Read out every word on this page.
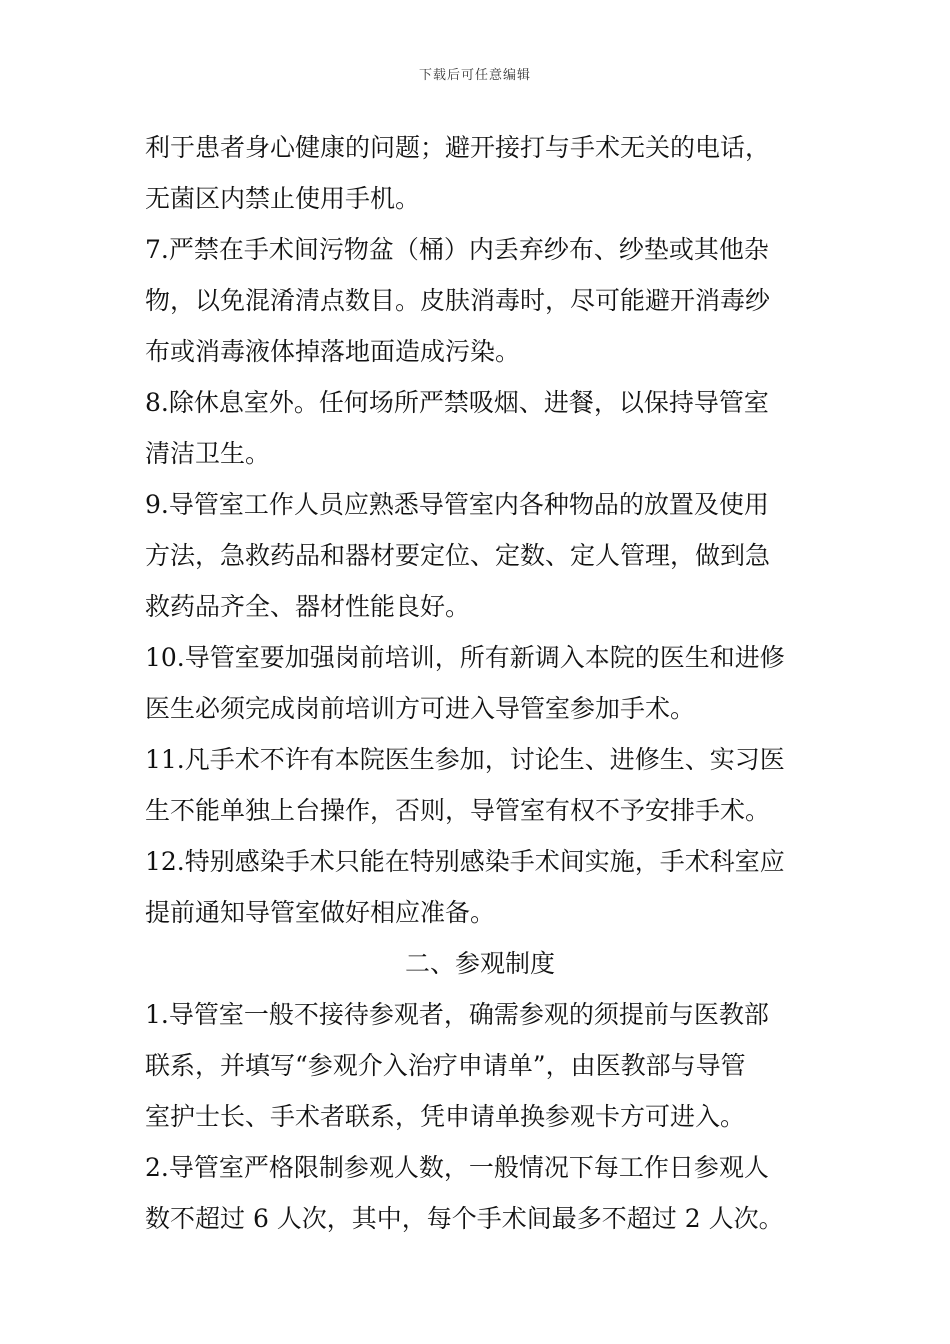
下载后可任意编辑
利于患者身心健康的问题；避开接打与手术无关的电话，
无菌区内禁止使用手机。
7.严禁在手术间污物盆（桶）内丢弃纱布、纱垫或其他杂
物，以免混淆清点数目。皮肤消毒时，尽可能避开消毒纱
布或消毒液体掉落地面造成污染。
8.除休息室外。任何场所严禁吸烟、进餐，以保持导管室
清洁卫生。
9.导管室工作人员应熟悉导管室内各种物品的放置及使用
方法，急救药品和器材要定位、定数、定人管理，做到急
救药品齐全、器材性能良好。
10.导管室要加强岗前培训，所有新调入本院的医生和进修
医生必须完成岗前培训方可进入导管室参加手术。
11.凡手术不许有本院医生参加，讨论生、进修生、实习医
生不能单独上台操作，否则，导管室有权不予安排手术。
12.特别感染手术只能在特别感染手术间实施，手术科室应
提前通知导管室做好相应准备。
二、参观制度
1.导管室一般不接待参观者，确需参观的须提前与医教部
联系，并填写“参观介入治疗申请单”，由医教部与导管
室护士长、手术者联系，凭申请单换参观卡方可进入。
2.导管室严格限制参观人数，一般情况下每工作日参观人
数不超过 6 人次，其中，每个手术间最多不超过 2 人次。
